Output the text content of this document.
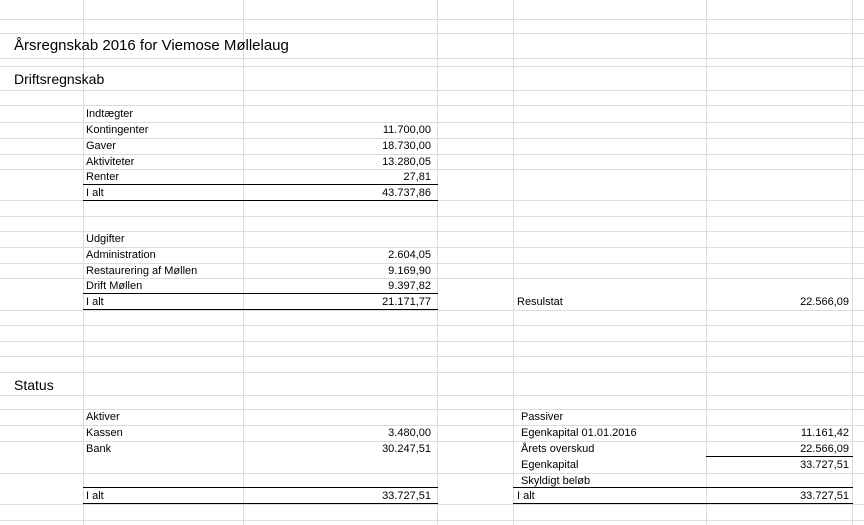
Årsregnskab 2016 for Viemose Møllelaug
Driftsregnskab
Status
Indtægter
Kontingenter	11.700,00
Gaver	18.730,00
Aktiviteter	13.280,05
Renter	27,81
I alt	43.737,86
Udgifter
Administration	2.604,05
Restaurering af Møllen	9.169,90
Drift Møllen	9.397,82
I alt	21.171,77	Resulstat	22.566,09
Aktiver
Kassen	3.480,00
Bank	30.247,51
I alt	33.727,51
Passiver
Egenkapital 01.01.2016	11.161,42
Årets overskud	22.566,09
Egenkapital	33.727,51
Skyldigt beløb
I alt	33.727,51
